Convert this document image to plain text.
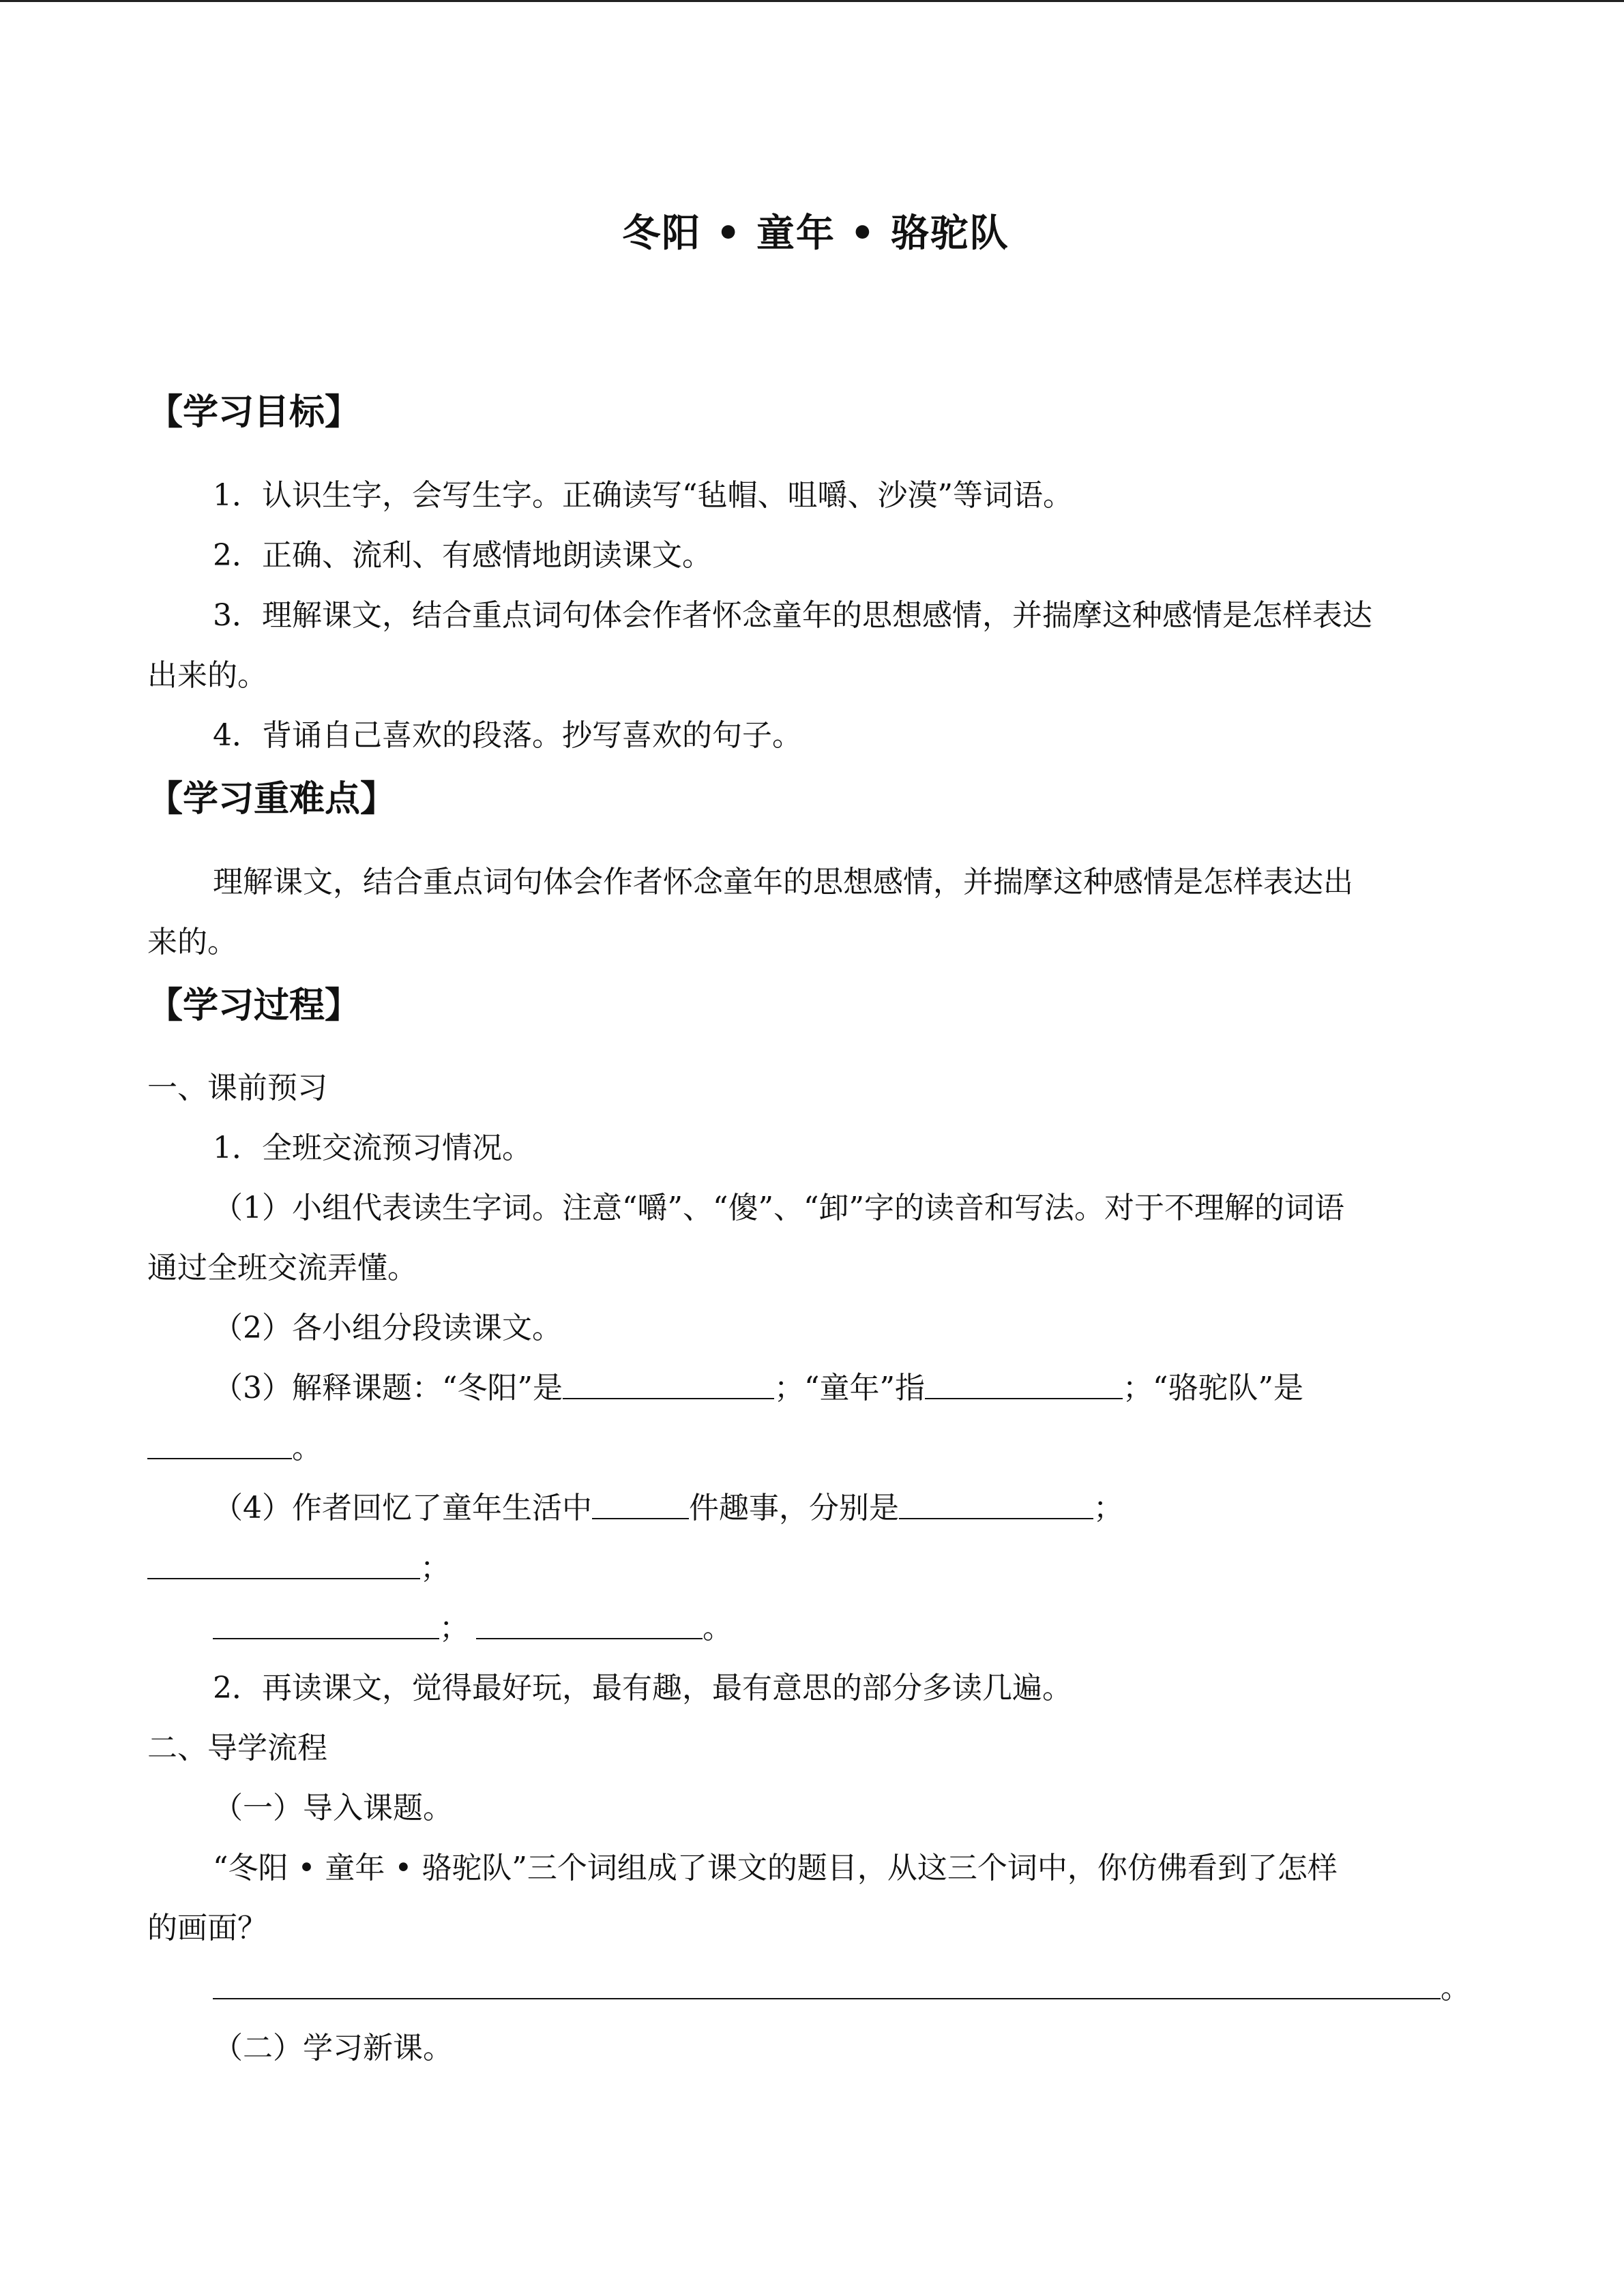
冬阳 • 童年 • 骆驼队
【学习目标】
1．认识生字，会写生字。正确读写“毡帽、咀嚼、沙漠”等词语。
2．正确、流利、有感情地朗读课文。
3．理解课文，结合重点词句体会作者怀念童年的思想感情，并揣摩这种感情是怎样表达
出来的。
4．背诵自己喜欢的段落。抄写喜欢的句子。
【学习重难点】
理解课文，结合重点词句体会作者怀念童年的思想感情，并揣摩这种感情是怎样表达出
来的。
【学习过程】
一、课前预习
1．全班交流预习情况。
（1）小组代表读生字词。注意“嚼”、“傻”、“卸”字的读音和写法。对于不理解的词语
通过全班交流弄懂。
（2）各小组分段读课文。
（3）解释课题：“冬阳”是	；“童年”指	；“骆驼队”是
。
（4）作者回忆了童年生活中	件趣事，分别是	；
；
；	。
2．再读课文，觉得最好玩，最有趣，最有意思的部分多读几遍。
二、导学流程
（一）导入课题。
“冬阳 • 童年 • 骆驼队”三个词组成了课文的题目，从这三个词中，你仿佛看到了怎样
的画面？
。
（二）学习新课。
